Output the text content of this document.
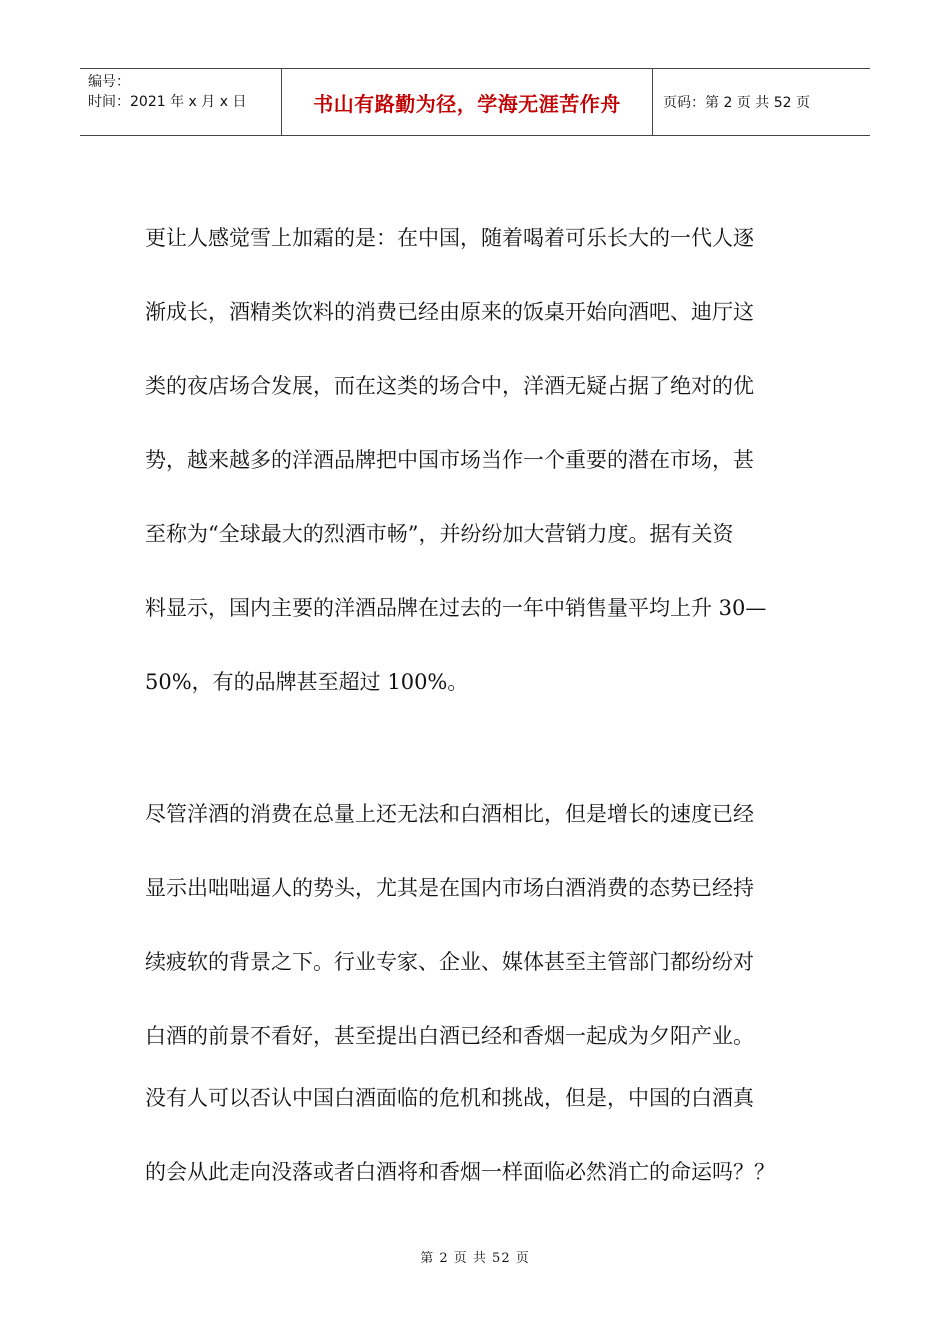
编号：
时间：2021 年 x 月 x 日	书山有路勤为径，学海无涯苦作舟	页码：第 2 页 共 52 页
更让人感觉雪上加霜的是：在中国，随着喝着可乐长大的一代人逐
渐成长，酒精类饮料的消费已经由原来的饭桌开始向酒吧、迪厅这
类的夜店场合发展，而在这类的场合中，洋酒无疑占据了绝对的优
势，越来越多的洋酒品牌把中国市场当作一个重要的潜在市场，甚
至称为“全球最大的烈酒市畅”，并纷纷加大营销力度。据有关资
料显示，国内主要的洋酒品牌在过去的一年中销售量平均上升 30—
50%，有的品牌甚至超过 100%。
尽管洋酒的消费在总量上还无法和白酒相比，但是增长的速度已经
显示出咄咄逼人的势头，尤其是在国内市场白酒消费的态势已经持
续疲软的背景之下。行业专家、企业、媒体甚至主管部门都纷纷对
白酒的前景不看好，甚至提出白酒已经和香烟一起成为夕阳产业。
没有人可以否认中国白酒面临的危机和挑战，但是，中国的白酒真
的会从此走向没落或者白酒将和香烟一样面临必然消亡的命运吗？？
第 2 页 共 52 页
